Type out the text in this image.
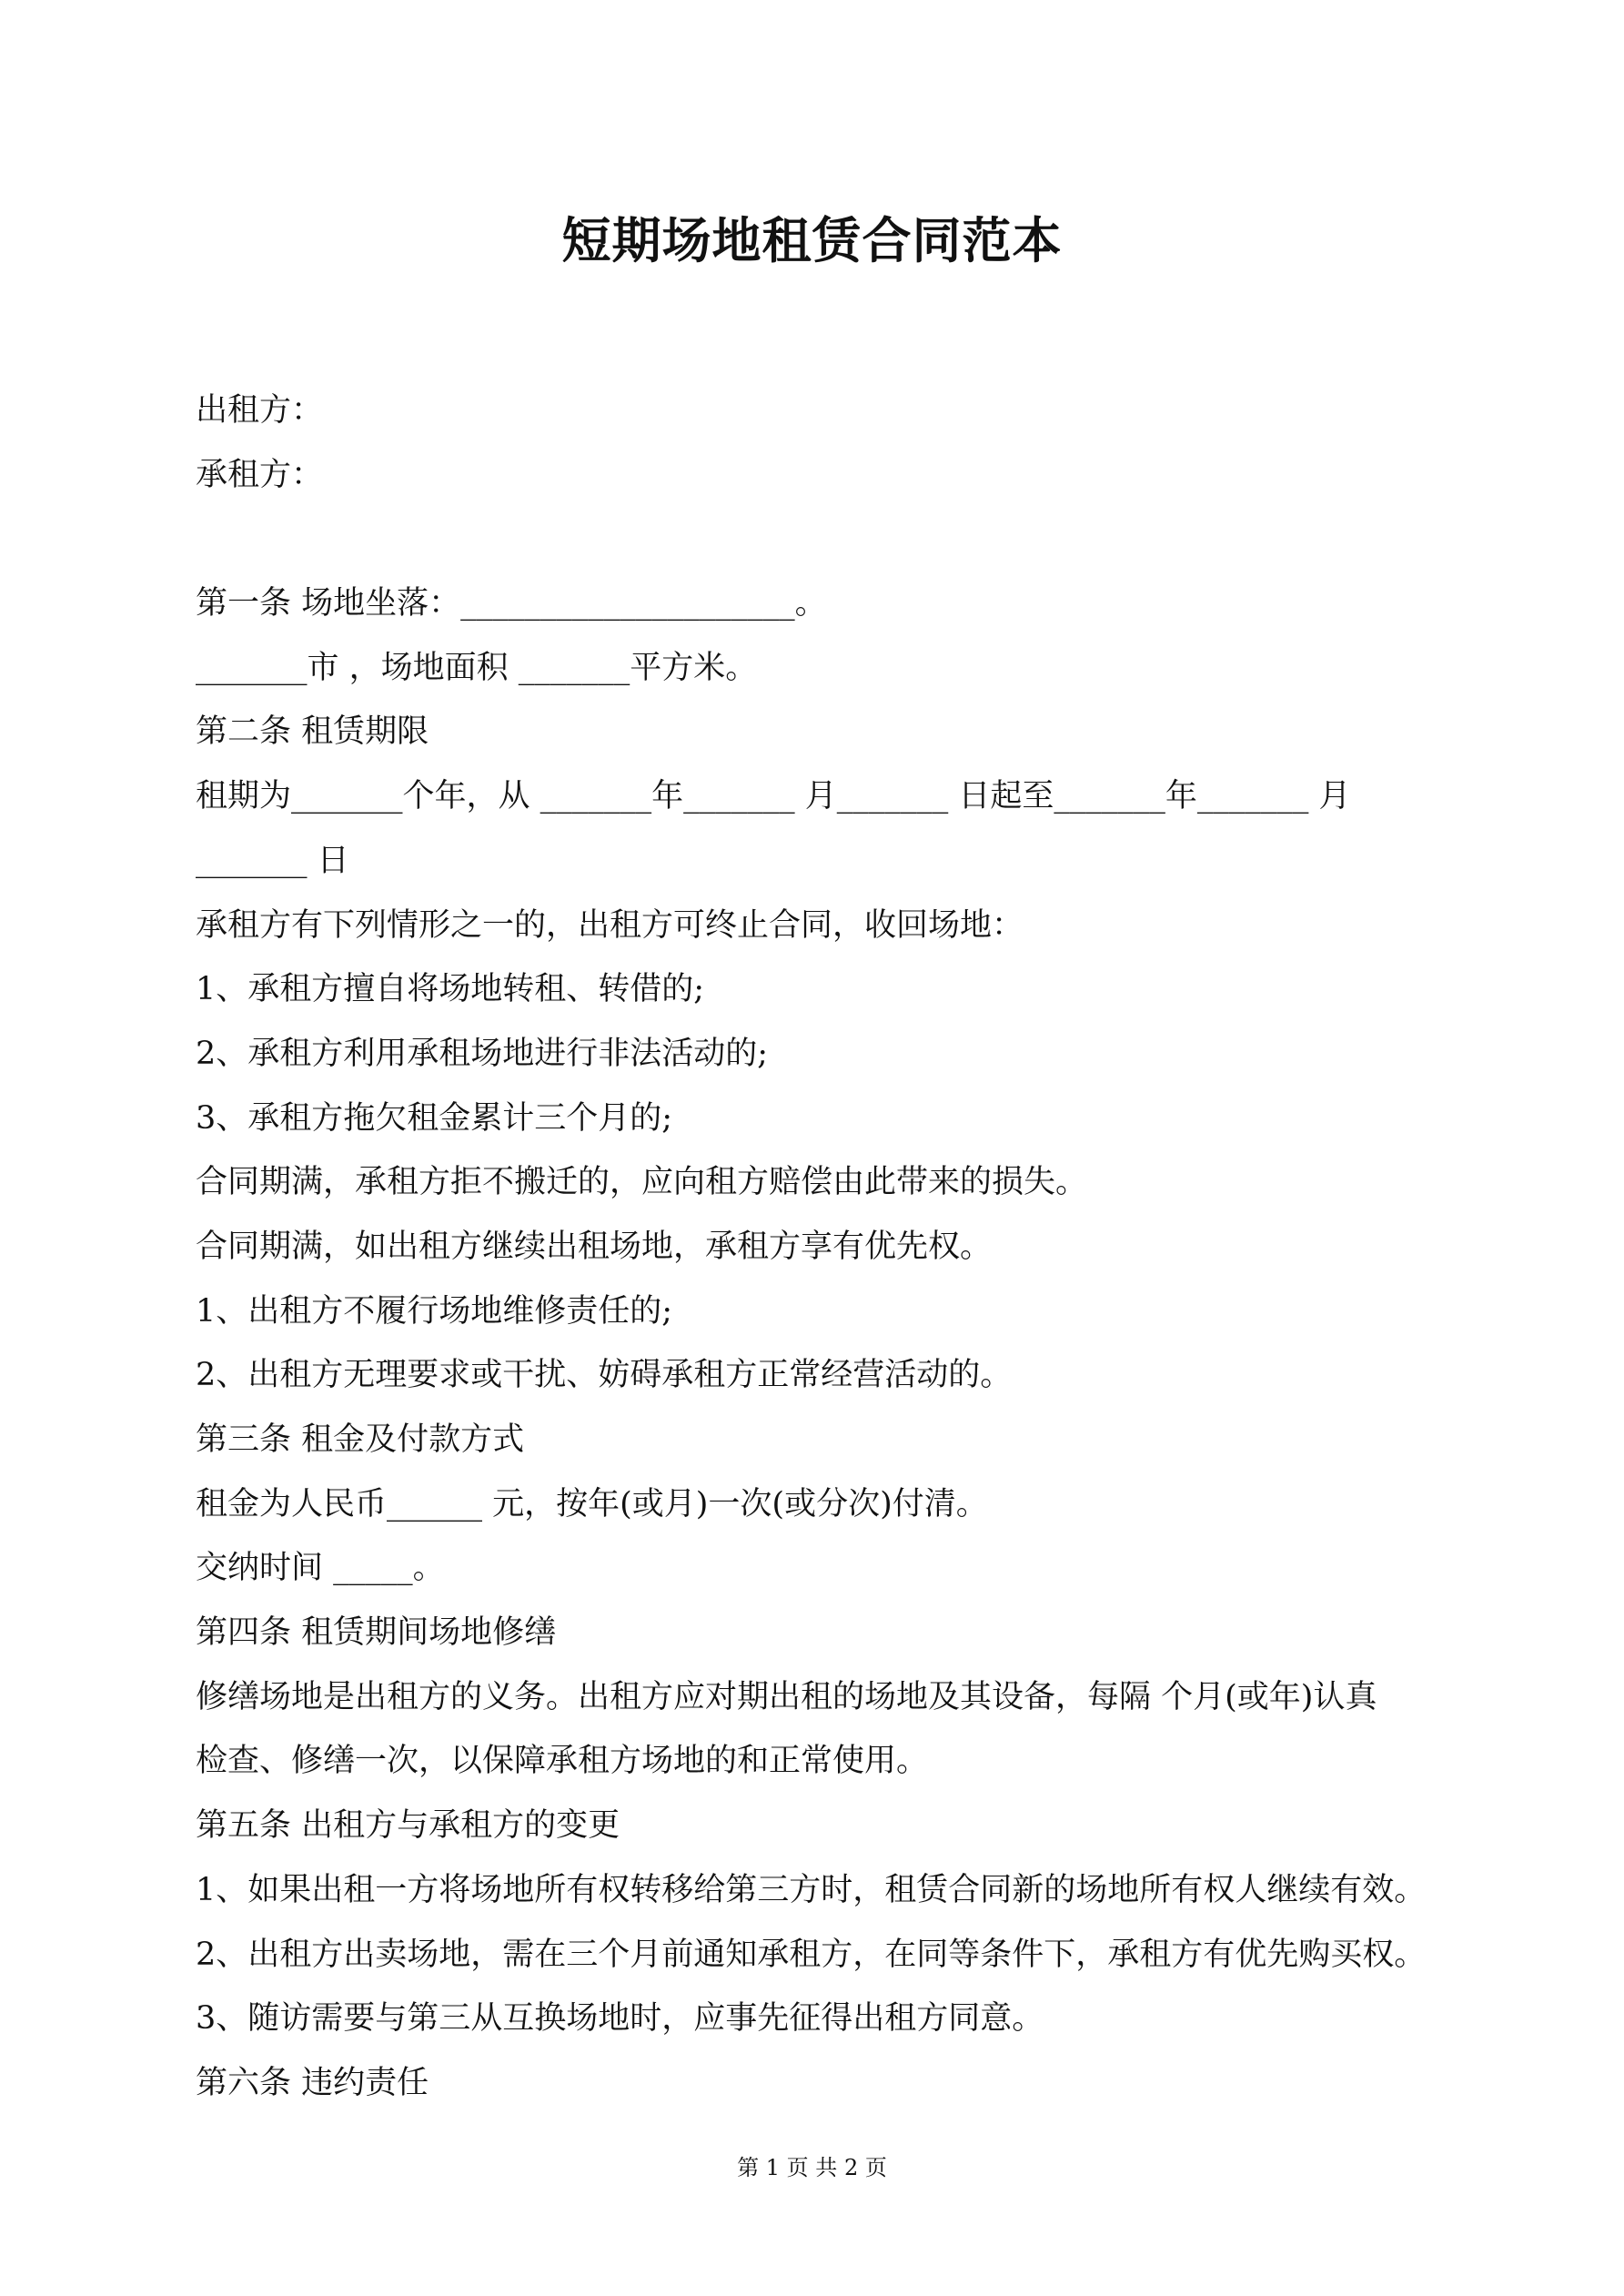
短期场地租赁合同范本
出租方：
承租方：
第一条 场地坐落：_____________________。
_______市 ，场地面积 _______平方米。
第二条 租赁期限
租期为_______个年，从 _______年_______ 月_______ 日起至_______年_______ 月
_______ 日
承租方有下列情形之一的，出租方可终止合同，收回场地：
1、承租方擅自将场地转租、转借的;
2、承租方利用承租场地进行非法活动的;
3、承租方拖欠租金累计三个月的;
合同期满，承租方拒不搬迁的，应向租方赔偿由此带来的损失。
合同期满，如出租方继续出租场地，承租方享有优先权。
1、出租方不履行场地维修责任的;
2、出租方无理要求或干扰、妨碍承租方正常经营活动的。
第三条 租金及付款方式
租金为人民币______ 元，按年(或月)一次(或分次)付清。
交纳时间 _____。
第四条 租赁期间场地修缮
修缮场地是出租方的义务。出租方应对期出租的场地及其设备，每隔 个月(或年)认真
检查、修缮一次，以保障承租方场地的和正常使用。
第五条 出租方与承租方的变更
1、如果出租一方将场地所有权转移给第三方时，租赁合同新的场地所有权人继续有效。
2、出租方出卖场地，需在三个月前通知承租方，在同等条件下，承租方有优先购买权。
3、随访需要与第三从互换场地时，应事先征得出租方同意。
第六条 违约责任
第 1 页 共 2 页
